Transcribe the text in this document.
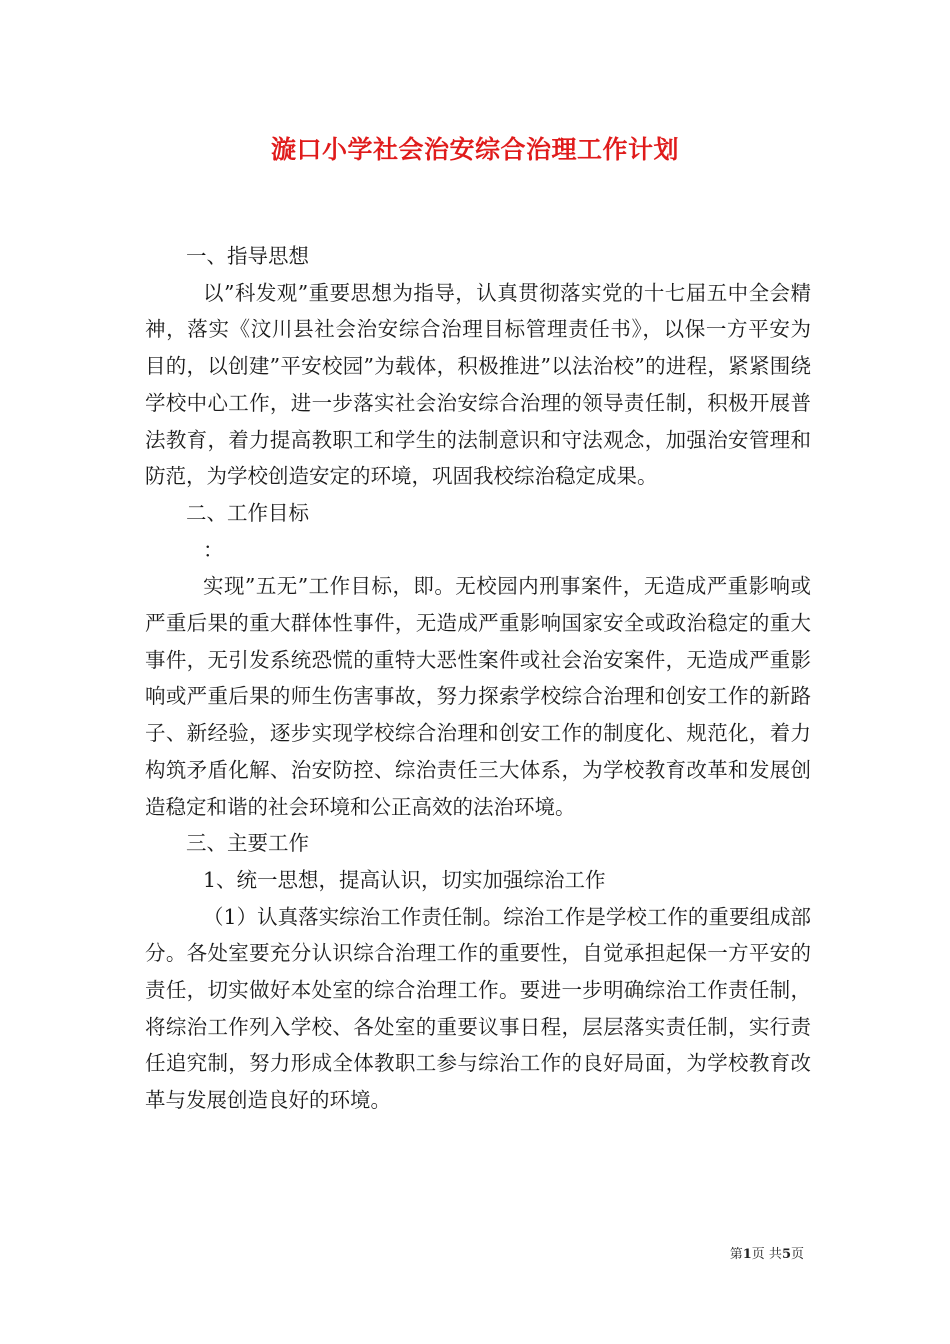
漩口小学社会治安综合治理工作计划

一、指导思想

以”科发观”重要思想为指导，认真贯彻落实党的十七届五中全会精神，落实《汶川县社会治安综合治理目标管理责任书》，以保一方平安为目的，以创建”平安校园”为载体，积极推进”以法治校”的进程，紧紧围绕学校中心工作，进一步落实社会治安综合治理的领导责任制，积极开展普法教育，着力提高教职工和学生的法制意识和守法观念，加强治安管理和防范，为学校创造安定的环境，巩固我校综治稳定成果。

二、工作目标

：

实现”五无”工作目标，即。无校园内刑事案件，无造成严重影响或严重后果的重大群体性事件，无造成严重影响国家安全或政治稳定的重大事件，无引发系统恐慌的重特大恶性案件或社会治安案件，无造成严重影响或严重后果的师生伤害事故，努力探索学校综合治理和创安工作的新路子、新经验，逐步实现学校综合治理和创安工作的制度化、规范化，着力构筑矛盾化解、治安防控、综治责任三大体系，为学校教育改革和发展创造稳定和谐的社会环境和公正高效的法治环境。

三、主要工作

1、统一思想，提高认识，切实加强综治工作

（1）认真落实综治工作责任制。综治工作是学校工作的重要组成部分。各处室要充分认识综合治理工作的重要性，自觉承担起保一方平安的责任，切实做好本处室的综合治理工作。要进一步明确综治工作责任制，将综治工作列入学校、各处室的重要议事日程，层层落实责任制，实行责任追究制，努力形成全体教职工参与综治工作的良好局面，为学校教育改革与发展创造良好的环境。

第1页 共5页
